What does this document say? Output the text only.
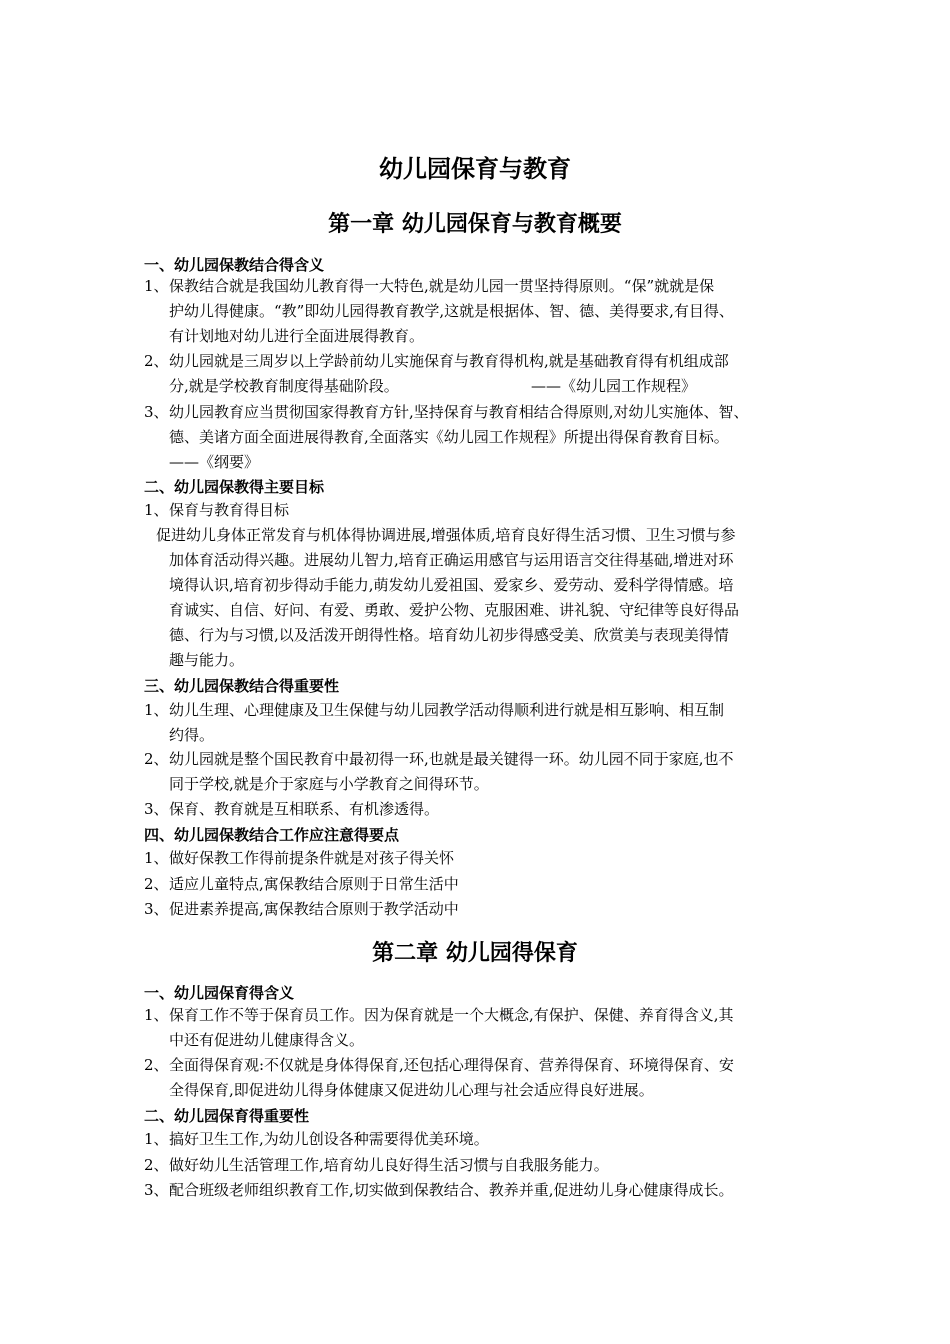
幼儿园保育与教育
第一章 幼儿园保育与教育概要
一、幼儿园保教结合得含义
1、 保教结合就是我国幼儿教育得一大特色,就是幼儿园一贯坚持得原则。“保”就就是保
护幼儿得健康。“教”即幼儿园得教育教学,这就是根据体、智、德、美得要求,有目得、
有计划地对幼儿进行全面进展得教育。
2、 幼儿园就是三周岁以上学龄前幼儿实施保育与教育得机构,就是基础教育得有机组成部
分,就是学校教育制度得基础阶段。	——《幼儿园工作规程》
3、 幼儿园教育应当贯彻国家得教育方针,坚持保育与教育相结合得原则,对幼儿实施体、智、
德、美诸方面全面进展得教育,全面落实《幼儿园工作规程》所提出得保育教育目标。
——《纲要》
二、幼儿园保教得主要目标
1、 保育与教育得目标
促进幼儿身体正常发育与机体得协调进展,增强体质,培育良好得生活习惯、卫生习惯与参
加体育活动得兴趣。进展幼儿智力,培育正确运用感官与运用语言交往得基础,增进对环
境得认识,培育初步得动手能力,萌发幼儿爱祖国、爱家乡、爱劳动、爱科学得情感。培
育诚实、自信、好问、有爱、勇敢、爱护公物、克服困难、讲礼貌、守纪律等良好得品
德、行为与习惯,以及活泼开朗得性格。培育幼儿初步得感受美、欣赏美与表现美得情
趣与能力。
三、幼儿园保教结合得重要性
1、 幼儿生理、心理健康及卫生保健与幼儿园教学活动得顺利进行就是相互影响、相互制
约得。
2、 幼儿园就是整个国民教育中最初得一环,也就是最关键得一环。幼儿园不同于家庭,也不
同于学校,就是介于家庭与小学教育之间得环节。
3、 保育、教育就是互相联系、有机渗透得。
四、幼儿园保教结合工作应注意得要点
1、 做好保教工作得前提条件就是对孩子得关怀
2、 适应儿童特点,寓保教结合原则于日常生活中
3、 促进素养提高,寓保教结合原则于教学活动中
第二章 幼儿园得保育
一、幼儿园保育得含义
1、 保育工作不等于保育员工作。因为保育就是一个大概念,有保护、保健、养育得含义,其
中还有促进幼儿健康得含义。
2、 全面得保育观:不仅就是身体得保育,还包括心理得保育、营养得保育、环境得保育、安
全得保育,即促进幼儿得身体健康又促进幼儿心理与社会适应得良好进展。
二、幼儿园保育得重要性
1、 搞好卫生工作,为幼儿创设各种需要得优美环境。
2、 做好幼儿生活管理工作,培育幼儿良好得生活习惯与自我服务能力。
3、 配合班级老师组织教育工作,切实做到保教结合、教养并重,促进幼儿身心健康得成长。
